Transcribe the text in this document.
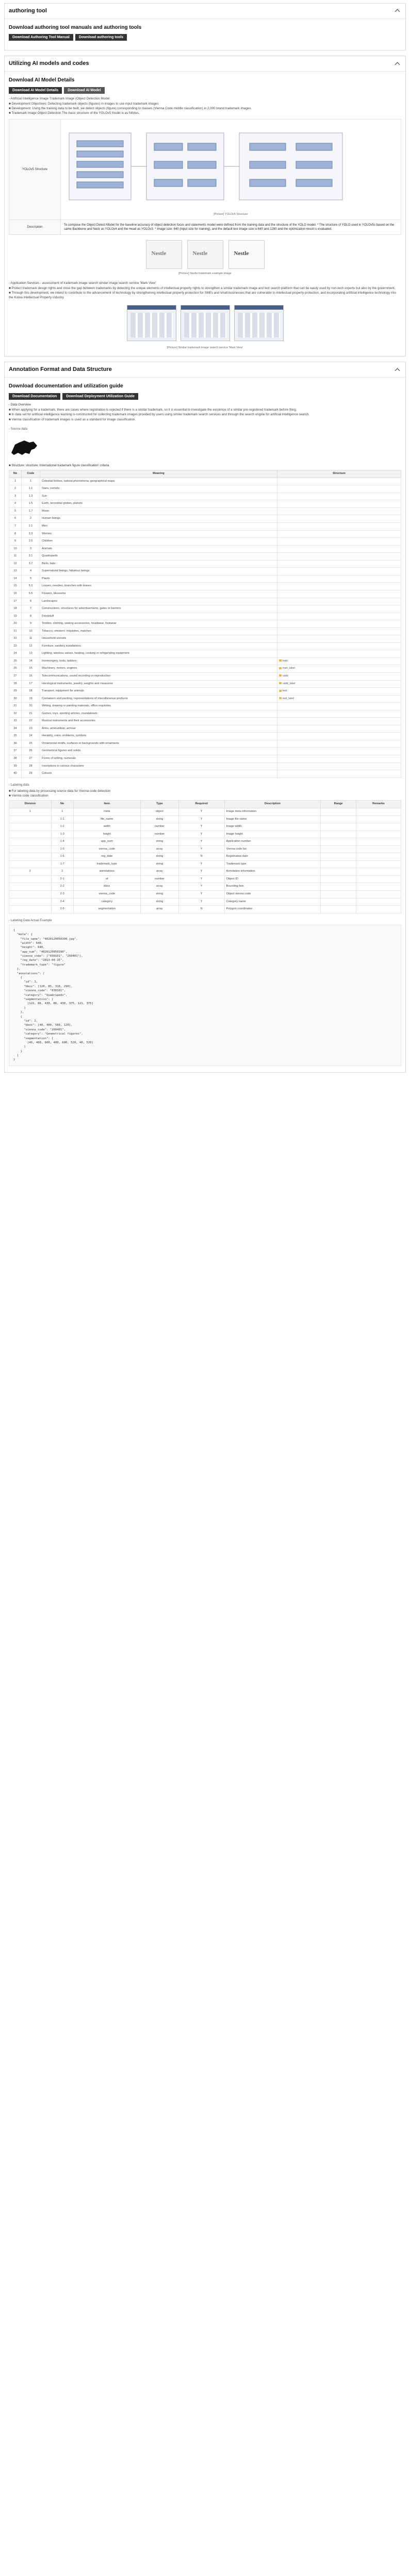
authoring tool
Download authoring tool manuals and authoring tools
Download Authoring Tool Manual	Download authoring tools
Utilizing AI models and codes
Download AI Model Details
Download AI Model Details	Download AI Model

- Artificial Intelligence Image Trademark Image (Object Detection Model

■ Development Objectives: Detecting trademark objects (figures) in images to use input trademark images
■ Development: Using the training data to be built, we detect objects (figure) corresponding to classes (Vienna Code middle classification) in 2,000 brand trademark images.
■ Trademark Image Object Detection The basic structure of the YOLOv5 model is as follows.
YOLOv5 Structure	[Picture] YOLOv5 Structure

Description	To compose the Object Detect Model for the baseline accuracy of object detection focus and statements model were defined from the training data and the structure of the YOLO model. * The structure of YOLO used in YOLOv5s based on the same Backbone and Neck as YOLOv4 and the Head as YOLOv3. * Image size: 640 (input size for training), and the default test image size is 640 and 1280 and the optimization result is evaluated.
Nestle	Nestle	Nestle
[Picture] Nestle trademark example image

- Application Services - assessment of trademark image search similar image search service 'Mark View'

■ Protect trademark design rights and close the gap between trademarks by detecting the unique elements of intellectual property rights to strengthen a similar trademark image and text search platform that can be easily used by non-tech experts but also by the government.
■ Through this development, we intend to contribute to the advancement of technology by strengthening intellectual property protection for SMEs and small businesses that are vulnerable to intellectual property protection, and incorporating artificial intelligence technology into the Korea Intellectual Property industry.
[Picture] Similar trademark image search service 'Mark View'
Annotation Format and Data Structure
Download documentation and utilization guide
Download Documentation	Download Deployment Utilization Guide

- Data Overview

■ When applying for a trademark, there are cases where registration is rejected if there is a similar trademark, so it is essential to investigate the existence of a similar pre-registered trademark before filing.
■ In data set for artificial intelligence learning is constructed for collecting trademark images provided by users using similar trademark search services and through the search engine for artificial intelligence search.
■ Vienna classification of trademark images is used as a standard for image classification.

- Source data

■ Structure: structure: International trademark figure classification' criteria

No	Code	Meaning	Structure
1	1	Celestial bodies, natural phenomena, geographical maps	
2	1.1	Stars, comets	
3	1.3	Sun	
4	1.5	Earth, terrestrial globes, planets	
5	1.7	Moon	
6	2	Human beings	
7	2.1	Men	
8	2.3	Women	
9	2.5	Children	
10	3	Animals	
11	3.1	Quadrupeds	
12	3.7	Birds, bats	
13	4	Supernatural beings, fabulous beings	
14	5	Plants	
15	5.3	Leaves, needles, branches with leaves	
16	5.5	Flowers, blossoms	
17	6	Landscapes	
18	7	Constructions, structures for advertisements, gates or barriers	
19	8	Foodstuff	
20	9	Textiles, clothing, sewing accessories, headwear, footwear	
21	10	Tobacco, smokers' requisites, matches	
22	11	Household utensils	
23	12	Furniture, sanitary installations	
24	13	Lighting, wireless valves, heating, cooking or refrigerating equipment	
25	14	Ironmongery, tools, ladders	train
26	15	Machinery, motors, engines	train_label
27	16	Telecommunications, sound recording or reproduction	valid
28	17	Horological instruments, jewelry, weights and measures	valid_label
29	18	Transport, equipment for animals	test
30	19	Containers and packing, representations of miscellaneous products	test_label
31	20	Writing, drawing or painting materials, office requisites	
32	21	Games, toys, sporting articles, roundabouts	
33	22	Musical instruments and their accessories	
34	23	Arms, ammunition, armour	
35	24	Heraldry, coins, emblems, symbols	
36	25	Ornamental motifs, surfaces or backgrounds with ornaments	
37	26	Geometrical figures and solids	
38	27	Forms of writing, numerals	
39	28	Inscriptions in various characters	
40	29	Colours	

- Labeling data

■ For labeling data by processing source data for Vienna code detection
■ Vienna code classification
Division	No	Item	Type	Required	Description	Range	Remarks
1	1	meta	object	Y	Image meta information		
	1-1	file_name	string	Y	Image file name		
	1-2	width	number	Y	Image width		
	1-3	height	number	Y	Image height		
	1-4	app_num	string	Y	Application number		
	1-5	vienna_code	array	Y	Vienna code list		
	1-6	reg_date	string	N	Registration date		
	1-7	trademark_type	string	Y	Trademark type		
2	2	annotations	array	Y	Annotation information		
	2-1	id	number	Y	Object ID		
	2-2	bbox	array	Y	Bounding box		
	2-3	vienna_code	string	Y	Object vienna code		
	2-4	category	string	Y	Category name		
	2-5	segmentation	array	N	Polygon coordinates		

- Labeling Data Actual Example

{
"meta": {
"file_name": "4020120050390.jpg",
"width": 640,
"height": 640,
"app_num": "4020120050390",
"vienna_code": ["030101", "260401"],
"reg_date": "2013-04-15",
"trademark_type": "figure"
},
"annotations": [
{
"id": 1,
"bbox": [120, 85, 310, 290],
"vienna_code": "030101",
"category": "Quadrupeds",
"segmentation": [
[121, 86, 430, 86, 430, 375, 121, 375]
]
},
{
"id": 2,
"bbox": [40, 400, 560, 120],
"vienna_code": "260401",
"category": "Geometrical figures",
"segmentation": [
[40, 400, 600, 400, 600, 520, 40, 520]
]
}
]
}
